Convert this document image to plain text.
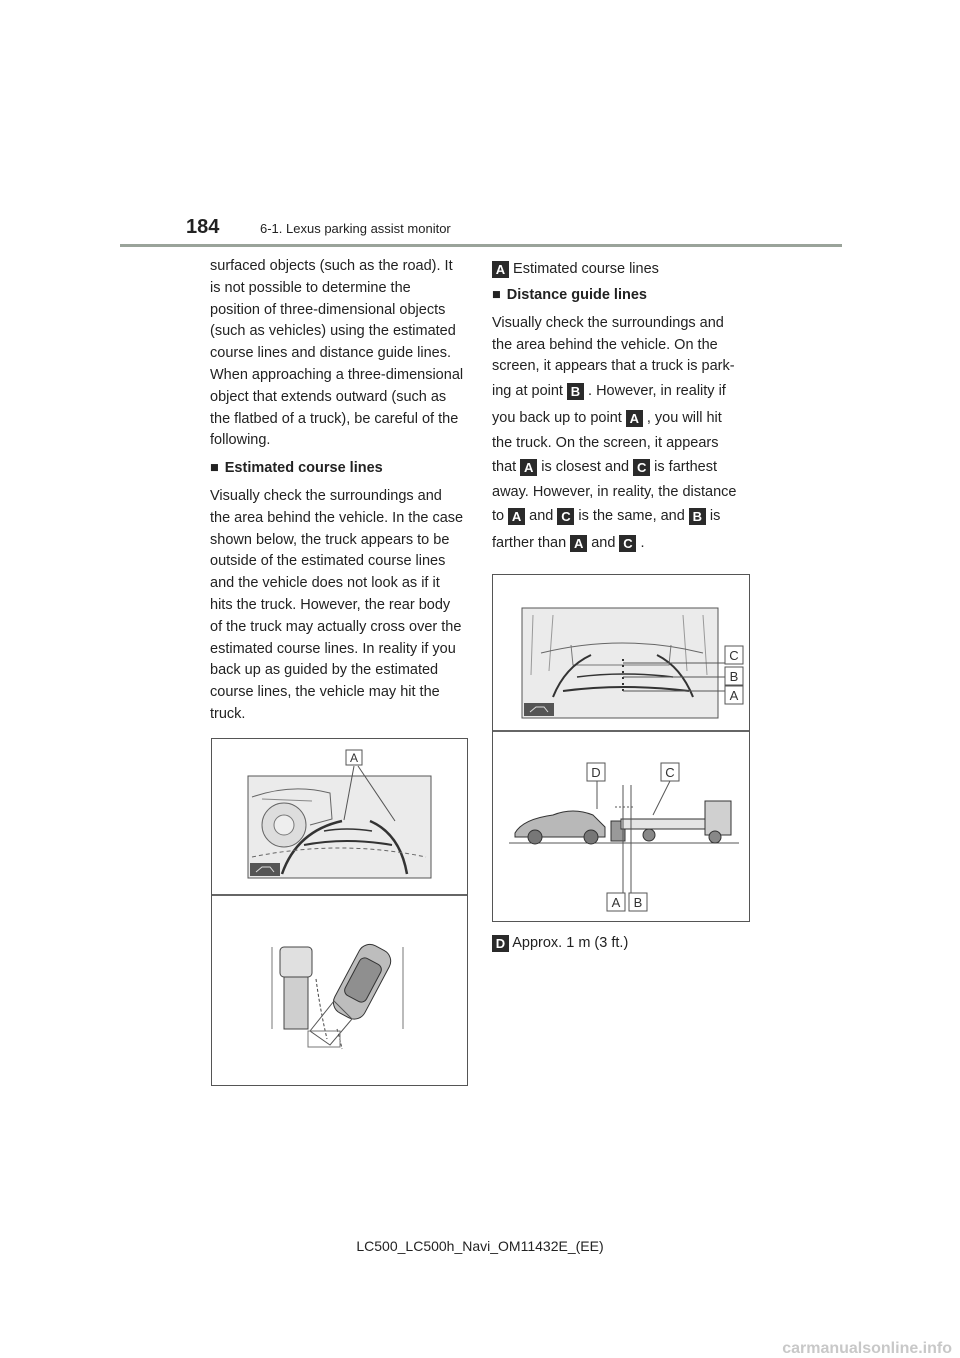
184	6-1. Lexus parking assist monitor

surfaced objects (such as the road). It is not possible to determine the position of three-dimensional objects (such as vehicles) using the estimated course lines and distance guide lines. When approaching a three-dimensional object that extends outward (such as the flatbed of a truck), be careful of the following.

■ Estimated course lines

Visually check the surroundings and the area behind the vehicle. In the case shown below, the truck appears to be outside of the estimated course lines and the vehicle does not look as if it hits the truck. However, the rear body of the truck may actually cross over the estimated course lines. In reality if you back up as guided by the estimated course lines, the vehicle may hit the truck.

A
A Estimated course lines
■ Distance guide lines

Visually check the surroundings and the area behind the vehicle. On the screen, it appears that a truck is park-

ing at point B . However, in reality if
you back up to point A , you will hit
the truck. On the screen, it appears
that A is closest and C is farthest
away. However, in reality, the distance
to A and C is the same, and B is
farther than A and C .
C
B
A
D	C
A B
D Approx. 1 m (3 ft.)
LC500_LC500h_Navi_OM11432E_(EE)
carmanualsonline.info
